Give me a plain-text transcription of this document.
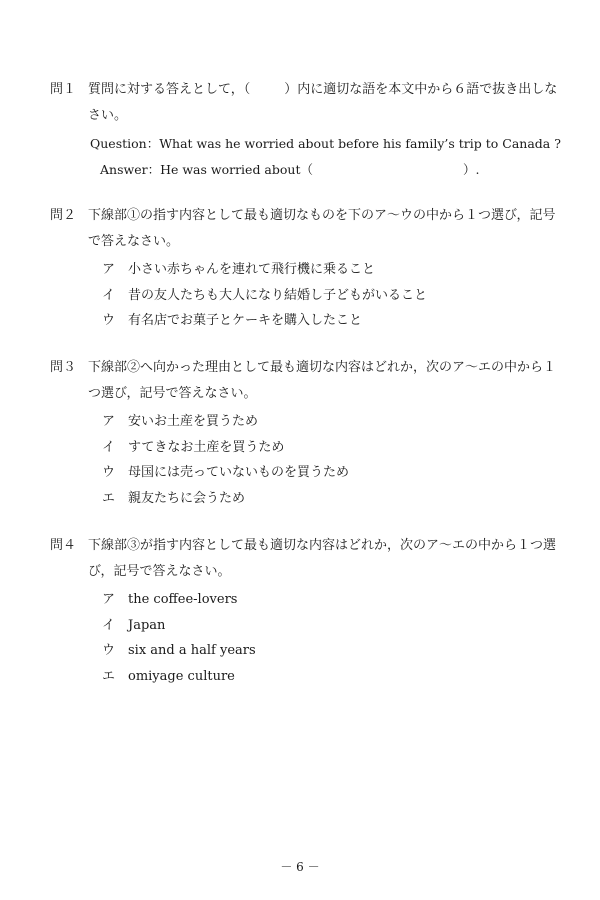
問１ 質問に対する答えとして，（	）内に適切な語を本文中から６語で抜き出しなさい。
Question：What was he worried about before his family’s trip to Canada ?
Answer：He was worried about（	）.
問２ 下線部①の指す内容として最も適切なものを下のア～ウの中から１つ選び，記号で答えなさい。
ア 小さい赤ちゃんを連れて飛行機に乗ること
イ 昔の友人たちも大人になり結婚し子どもがいること
ウ 有名店でお菓子とケーキを購入したこと
問３ 下線部②へ向かった理由として最も適切な内容はどれか，次のア～エの中から１つ選び，記号で答えなさい。
ア 安いお土産を買うため
イ すてきなお土産を買うため
ウ 母国には売っていないものを買うため
エ 親友たちに会うため
問４ 下線部③が指す内容として最も適切な内容はどれか，次のア～エの中から１つ選び，記号で答えなさい。
ア the coffee-lovers
イ Japan
ウ six and a half years
エ omiyage culture
－ 6 －
